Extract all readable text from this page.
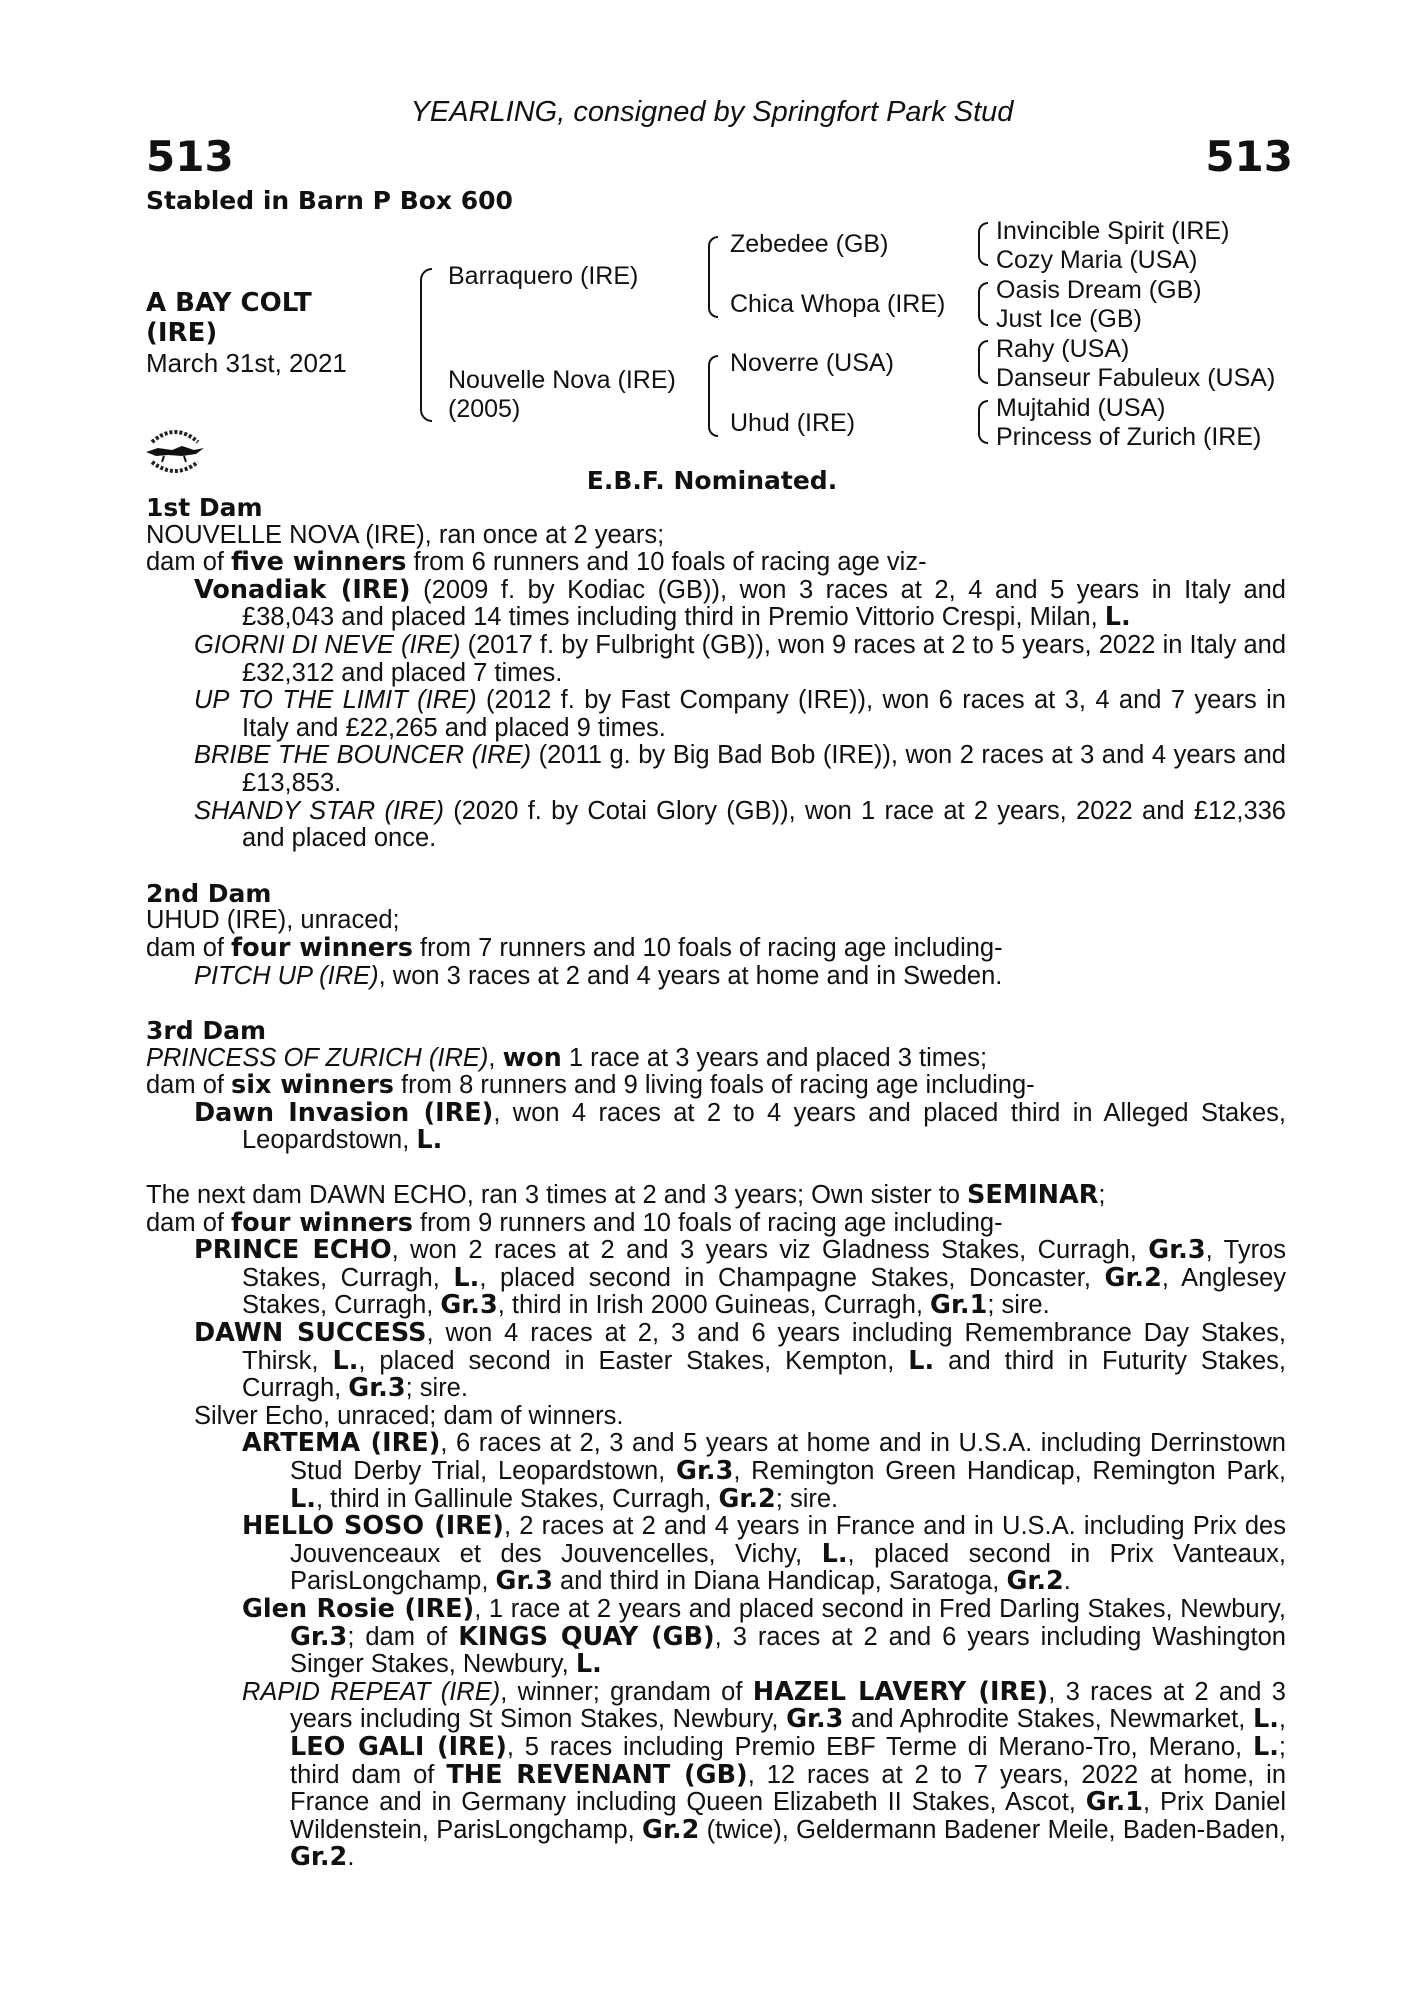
YEARLING, consigned by Springfort Park Stud
513	513
Stabled in Barn P Box 600
A BAY COLT
(IRE)
March 31st, 2021
Barraquero (IRE)
Nouvelle Nova (IRE)
(2005)
Zebedee (GB)
Chica Whopa (IRE)
Noverre (USA)
Uhud (IRE)
Invincible Spirit (IRE)
Cozy Maria (USA)
Oasis Dream (GB)
Just Ice (GB)
Rahy (USA)
Danseur Fabuleux (USA)
Mujtahid (USA)
Princess of Zurich (IRE)
E.B.F. Nominated.
1st Dam

NOUVELLE NOVA (IRE), ran once at 2 years;

dam of five winners from 6 runners and 10 foals of racing age viz-

Vonadiak (IRE) (2009 f. by Kodiac (GB)), won 3 races at 2, 4 and 5 years in Italy and £38,043 and placed 14 times including third in Premio Vittorio Crespi, Milan, L.

GIORNI DI NEVE (IRE) (2017 f. by Fulbright (GB)), won 9 races at 2 to 5 years, 2022 in Italy and £32,312 and placed 7 times.

UP TO THE LIMIT (IRE) (2012 f. by Fast Company (IRE)), won 6 races at 3, 4 and 7 years in Italy and £22,265 and placed 9 times.

BRIBE THE BOUNCER (IRE) (2011 g. by Big Bad Bob (IRE)), won 2 races at 3 and 4 years and £13,853.

SHANDY STAR (IRE) (2020 f. by Cotai Glory (GB)), won 1 race at 2 years, 2022 and £12,336 and placed once.

2nd Dam

UHUD (IRE), unraced;

dam of four winners from 7 runners and 10 foals of racing age including-

PITCH UP (IRE), won 3 races at 2 and 4 years at home and in Sweden.

3rd Dam

PRINCESS OF ZURICH (IRE), won 1 race at 3 years and placed 3 times;

dam of six winners from 8 runners and 9 living foals of racing age including-

Dawn Invasion (IRE), won 4 races at 2 to 4 years and placed third in Alleged Stakes, Leopardstown, L.

The next dam DAWN ECHO, ran 3 times at 2 and 3 years; Own sister to SEMINAR;

dam of four winners from 9 runners and 10 foals of racing age including-

PRINCE ECHO, won 2 races at 2 and 3 years viz Gladness Stakes, Curragh, Gr.3, Tyros Stakes, Curragh, L., placed second in Champagne Stakes, Doncaster, Gr.2, Anglesey Stakes, Curragh, Gr.3, third in Irish 2000 Guineas, Curragh, Gr.1; sire.

DAWN SUCCESS, won 4 races at 2, 3 and 6 years including Remembrance Day Stakes, Thirsk, L., placed second in Easter Stakes, Kempton, L. and third in Futurity Stakes, Curragh, Gr.3; sire.

Silver Echo, unraced; dam of winners.

ARTEMA (IRE), 6 races at 2, 3 and 5 years at home and in U.S.A. including Derrinstown Stud Derby Trial, Leopardstown, Gr.3, Remington Green Handicap, Remington Park, L., third in Gallinule Stakes, Curragh, Gr.2; sire.

HELLO SOSO (IRE), 2 races at 2 and 4 years in France and in U.S.A. including Prix des Jouvenceaux et des Jouvencelles, Vichy, L., placed second in Prix Vanteaux, ParisLongchamp, Gr.3 and third in Diana Handicap, Saratoga, Gr.2.

Glen Rosie (IRE), 1 race at 2 years and placed second in Fred Darling Stakes, Newbury, Gr.3; dam of KINGS QUAY (GB), 3 races at 2 and 6 years including Washington Singer Stakes, Newbury, L.

RAPID REPEAT (IRE), winner; grandam of HAZEL LAVERY (IRE), 3 races at 2 and 3 years including St Simon Stakes, Newbury, Gr.3 and Aphrodite Stakes, Newmarket, L., LEO GALI (IRE), 5 races including Premio EBF Terme di Merano-Tro, Merano, L.; third dam of THE REVENANT (GB), 12 races at 2 to 7 years, 2022 at home, in France and in Germany including Queen Elizabeth II Stakes, Ascot, Gr.1, Prix Daniel Wildenstein, ParisLongchamp, Gr.2 (twice), Geldermann Badener Meile, Baden-Baden, Gr.2.
